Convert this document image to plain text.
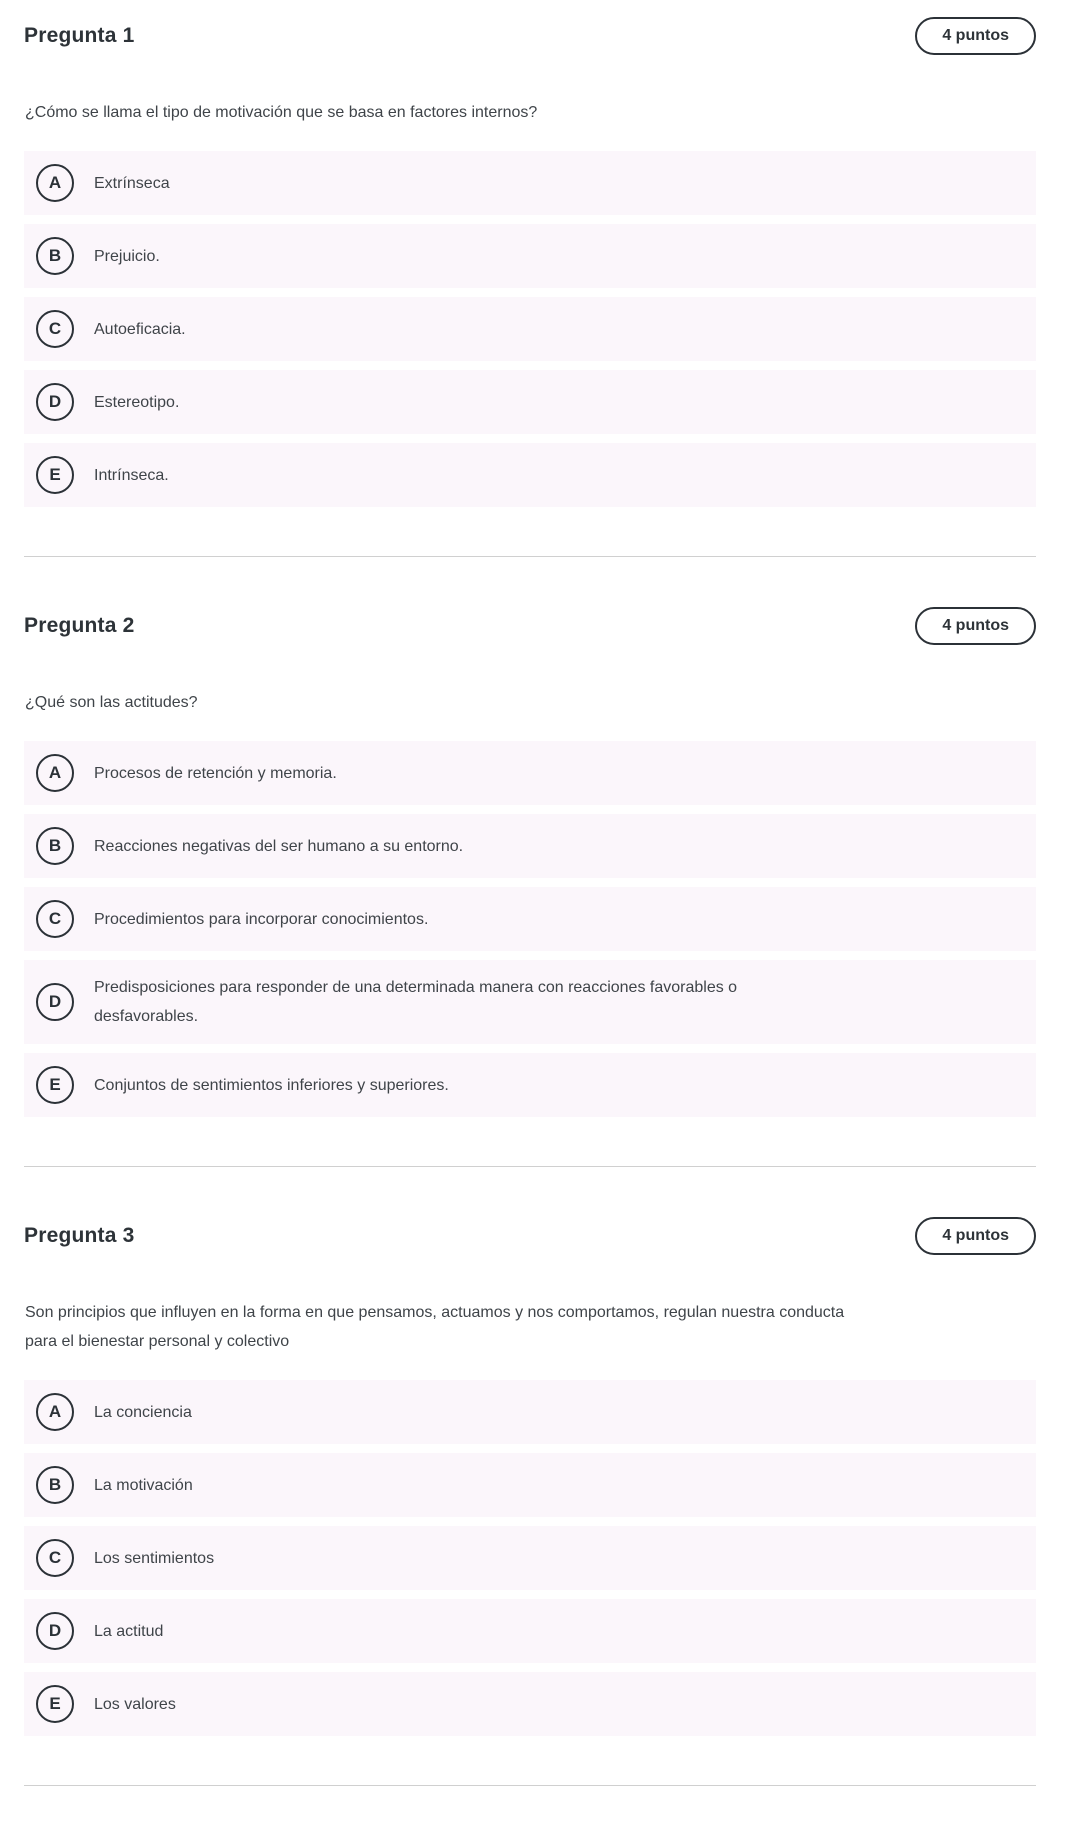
Pregunta 1	4 puntos

¿Cómo se llama el tipo de motivación que se basa en factores internos?

A	Extrínseca
B	Prejuicio.
C	Autoeficacia.
D	Estereotipo.
E	Intrínseca.
Pregunta 2	4 puntos

¿Qué son las actitudes?

A	Procesos de retención y memoria.
B	Reacciones negativas del ser humano a su entorno.
C	Procedimientos para incorporar conocimientos.
D
Predisposiciones para responder de una determinada manera con reacciones favorables o desfavorables.
E	Conjuntos de sentimientos inferiores y superiores.
Pregunta 3	4 puntos

Son principios que influyen en la forma en que pensamos, actuamos y nos comportamos, regulan nuestra conducta para el bienestar personal y colectivo

A	La conciencia
B	La motivación
C	Los sentimientos
D	La actitud
E	Los valores
